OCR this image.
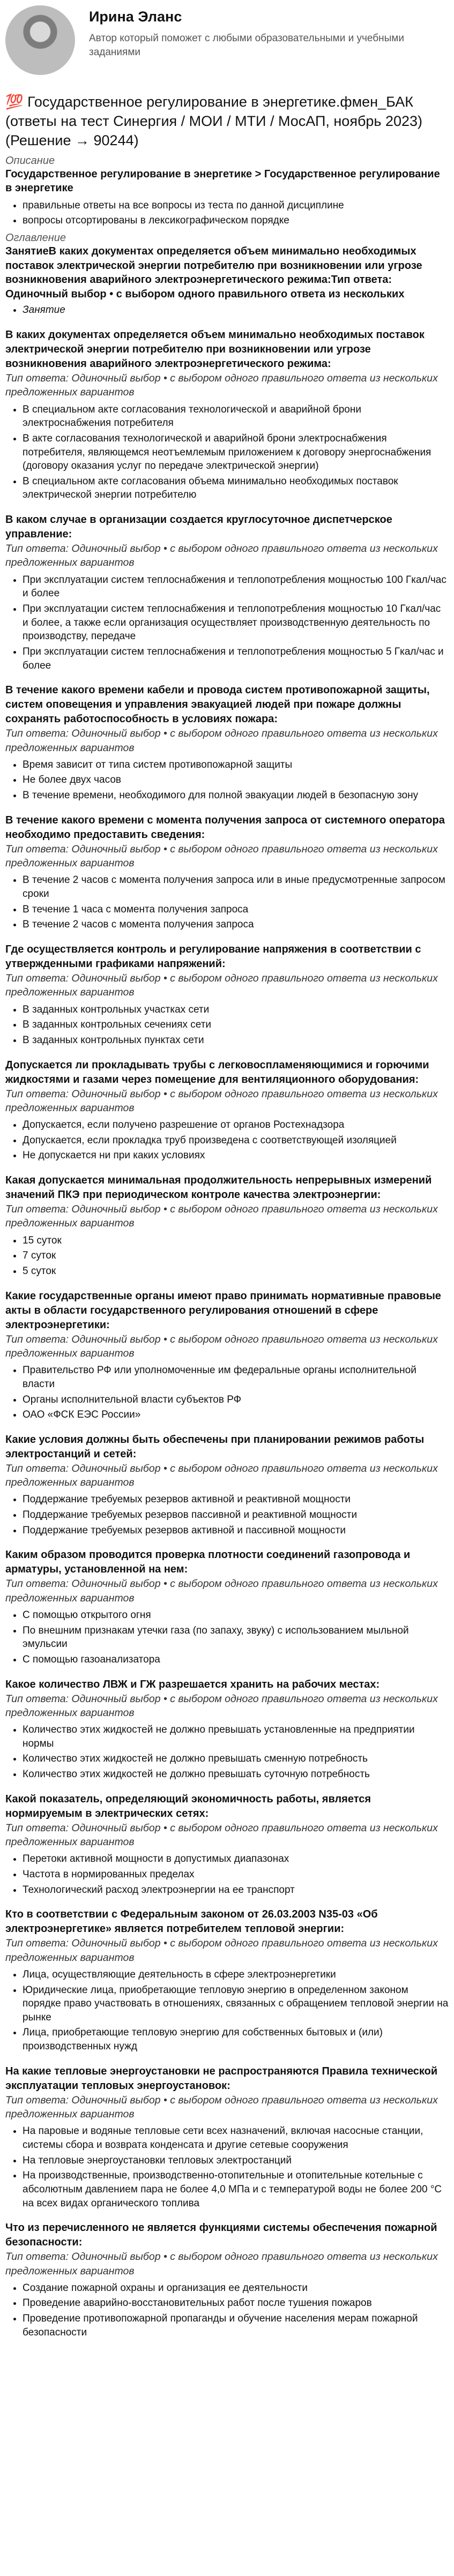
Ирина Эланс
Автор который поможет с любыми образовательными и учебными заданиями
💯 Государственное регулирование в энергетике.фмен_БАК (ответы на тест Синергия / МОИ / МТИ / МосАП, ноябрь 2023) (Решение → 90244)
Описание
Государственное регулирование в энергетике > Государственное регулирование в энергетике
• правильные ответы на все вопросы из теста по данной дисциплине
• вопросы отсортированы в лексикографическом порядке
Оглавление
ЗанятиеВ каких документах определяется объем минимально необходимых поставок электрической энергии потребителю при возникновении или угрозе возникновения аварийного электроэнергетического режима:Тип ответа: Одиночный выбор • с выбором одного правильного ответа из нескольких
• Занятие
В каких документах определяется объем минимально необходимых поставок электрической энергии потребителю при возникновении или угрозе возникновения аварийного электроэнергетического режима:
Тип ответа: Одиночный выбор • с выбором одного правильного ответа из нескольких предложенных вариантов
• В специальном акте согласования технологической и аварийной брони электроснабжения потребителя
• В акте согласования технологической и аварийной брони электроснабжения потребителя, являющемся неотъемлемым приложением к договору энергоснабжения (договору оказания услуг по передаче электрической энергии)
• В специальном акте согласования объема минимально необходимых поставок электрической энергии потребителю
В каком случае в организации создается круглосуточное диспетчерское управление:
Тип ответа: Одиночный выбор • с выбором одного правильного ответа из нескольких предложенных вариантов
• При эксплуатации систем теплоснабжения и теплопотребления мощностью 100 Гкал/час и более
• При эксплуатации систем теплоснабжения и теплопотребления мощностью 10 Гкал/час и более, а также если организация осуществляет производственную деятельность по производству, передаче
• При эксплуатации систем теплоснабжения и теплопотребления мощностью 5 Гкал/час и более
В течение какого времени кабели и провода систем противопожарной защиты, систем оповещения и управления эвакуацией людей при пожаре должны сохранять работоспособность в условиях пожара:
Тип ответа: Одиночный выбор • с выбором одного правильного ответа из нескольких предложенных вариантов
• Время зависит от типа систем противопожарной защиты
• Не более двух часов
• В течение времени, необходимого для полной эвакуации людей в безопасную зону
В течение какого времени с момента получения запроса от системного оператора необходимо предоставить сведения:
Тип ответа: Одиночный выбор • с выбором одного правильного ответа из нескольких предложенных вариантов
• В течение 2 часов с момента получения запроса или в иные предусмотренные запросом сроки
• В течение 1 часа с момента получения запроса
• В течение 2 часов с момента получения запроса
Где осуществляется контроль и регулирование напряжения в соответствии с утвержденными графиками напряжений:
Тип ответа: Одиночный выбор • с выбором одного правильного ответа из нескольких предложенных вариантов
• В заданных контрольных участках сети
• В заданных контрольных сечениях сети
• В заданных контрольных пунктах сети
Допускается ли прокладывать трубы с легковоспламеняющимися и горючими жидкостями и газами через помещение для вентиляционного оборудования:
Тип ответа: Одиночный выбор • с выбором одного правильного ответа из нескольких предложенных вариантов
• Допускается, если получено разрешение от органов Ростехнадзора
• Допускается, если прокладка труб произведена с соответствующей изоляцией
• Не допускается ни при каких условиях
Какая допускается минимальная продолжительность непрерывных измерений значений ПКЭ при периодическом контроле качества электроэнергии:
Тип ответа: Одиночный выбор • с выбором одного правильного ответа из нескольких предложенных вариантов
• 15 суток
• 7 суток
• 5 суток
Какие государственные органы имеют право принимать нормативные правовые акты в области государственного регулирования отношений в сфере электроэнергетики:
Тип ответа: Одиночный выбор • с выбором одного правильного ответа из нескольких предложенных вариантов
• Правительство РФ или уполномоченные им федеральные органы исполнительной власти
• Органы исполнительной власти субъектов РФ
• ОАО «ФСК ЕЭС России»
Какие условия должны быть обеспечены при планировании режимов работы электростанций и сетей:
Тип ответа: Одиночный выбор • с выбором одного правильного ответа из нескольких предложенных вариантов
• Поддержание требуемых резервов активной и реактивной мощности
• Поддержание требуемых резервов пассивной и реактивной мощности
• Поддержание требуемых резервов активной и пассивной мощности
Каким образом проводится проверка плотности соединений газопровода и арматуры, установленной на нем:
Тип ответа: Одиночный выбор • с выбором одного правильного ответа из нескольких предложенных вариантов
• С помощью открытого огня
• По внешним признакам утечки газа (по запаху, звуку) с использованием мыльной эмульсии
• С помощью газоанализатора
Какое количество ЛВЖ и ГЖ разрешается хранить на рабочих местах:
Тип ответа: Одиночный выбор • с выбором одного правильного ответа из нескольких предложенных вариантов
• Количество этих жидкостей не должно превышать установленные на предприятии нормы
• Количество этих жидкостей не должно превышать сменную потребность
• Количество этих жидкостей не должно превышать суточную потребность
Какой показатель, определяющий экономичность работы, является нормируемым в электрических сетях:
Тип ответа: Одиночный выбор • с выбором одного правильного ответа из нескольких предложенных вариантов
• Перетоки активной мощности в допустимых диапазонах
• Частота в нормированных пределах
• Технологический расход электроэнергии на ее транспорт
Кто в соответствии с Федеральным законом от 26.03.2003 N35-03 «Об электроэнергетике» является потребителем тепловой энергии:
Тип ответа: Одиночный выбор • с выбором одного правильного ответа из нескольких предложенных вариантов
• Лица, осуществляющие деятельность в сфере электроэнергетики
• Юридические лица, приобретающие тепловую энергию в определенном законом порядке право участвовать в отношениях, связанных с обращением тепловой энергии на рынке
• Лица, приобретающие тепловую энергию для собственных бытовых и (или) производственных нужд
На какие тепловые энергоустановки не распространяются Правила технической эксплуатации тепловых энергоустановок:
Тип ответа: Одиночный выбор • с выбором одного правильного ответа из нескольких предложенных вариантов
• На паровые и водяные тепловые сети всех назначений, включая насосные станции, системы сбора и возврата конденсата и другие сетевые сооружения
• На тепловые энергоустановки тепловых электростанций
• На производственные, производственно-отопительные и отопительные котельные с абсолютным давлением пара не более 4,0 МПа и с температурой воды не более 200 °С на всех видах органического топлива
Что из перечисленного не является функциями системы обеспечения пожарной безопасности:
Тип ответа: Одиночный выбор • с выбором одного правильного ответа из нескольких предложенных вариантов
• Создание пожарной охраны и организация ее деятельности
• Проведение аварийно-восстановительных работ после тушения пожаров
• Проведение противопожарной пропаганды и обучение населения мерам пожарной безопасности
